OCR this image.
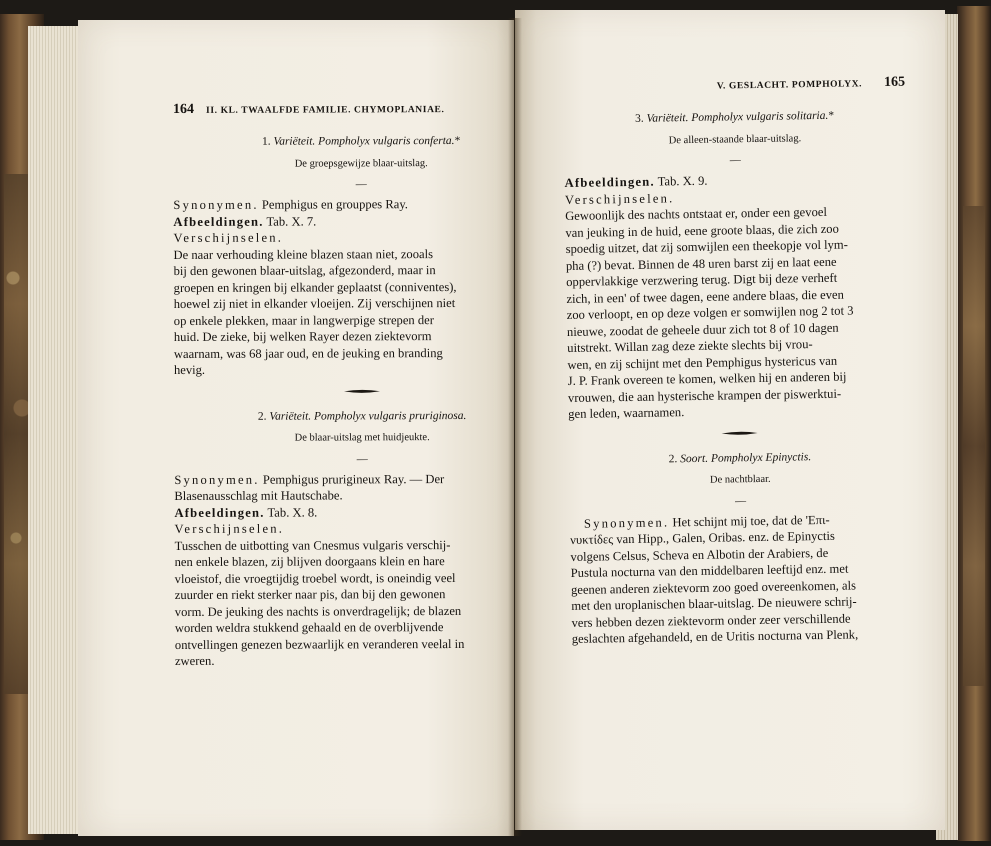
164 II. KL. TWAALFDE FAMILIE. CHYMOPLANIAE.

1. Variëteit. Pompholyx vulgaris conferta.*

De groepsgewijze blaar-uitslag.

—

Synonymen. Pemphigus en grouppes Ray.

Afbeeldingen. Tab. X. 7.

Verschijnselen.

De naar verhouding kleine blazen staan niet, zooals
bij den gewonen blaar-uitslag, afgezonderd, maar in
groepen en kringen bij elkander geplaatst (conniventes),
hoewel zij niet in elkander vloeijen. Zij verschijnen niet
op enkele plekken, maar in langwerpige strepen der
huid. De zieke, bij welken Rayer dezen ziektevorm
waarnam, was 68 jaar oud, en de jeuking en branding
hevig.

2. Variëteit. Pompholyx vulgaris pruriginosa.

De blaar-uitslag met huidjeukte.

—

Synonymen. Pemphigus prurigineux Ray. — Der
Blasenausschlag mit Hautschabe.

Afbeeldingen. Tab. X. 8.

Verschijnselen.

Tusschen de uitbotting van Cnesmus vulgaris verschij-
nen enkele blazen, zij blijven doorgaans klein en hare
vloeistof, die vroegtijdig troebel wordt, is oneindig veel
zuurder en riekt sterker naar pis, dan bij den gewonen
vorm. De jeuking des nachts is onverdragelijk; de blazen
worden weldra stukkend gehaald en de overblijvende
ontvellingen genezen bezwaarlijk en veranderen veelal in
zweren.

V. GESLACHT. POMPHOLYX. 165

3. Variëteit. Pompholyx vulgaris solitaria.*

De alleen-staande blaar-uitslag.

—

Afbeeldingen. Tab. X. 9.

Verschijnselen.

Gewoonlijk des nachts ontstaat er, onder een gevoel
van jeuking in de huid, eene groote blaas, die zich zoo
spoedig uitzet, dat zij somwijlen een theekopje vol lym-
pha (?) bevat. Binnen de 48 uren barst zij en laat eene
oppervlakkige verzwering terug. Digt bij deze verheft
zich, in een' of twee dagen, eene andere blaas, die even
zoo verloopt, en op deze volgen er somwijlen nog 2 tot 3
nieuwe, zoodat de geheele duur zich tot 8 of 10 dagen
uitstrekt. Willan zag deze ziekte slechts bij vrou-
wen, en zij schijnt met den Pemphigus hystericus van
J. P. Frank overeen te komen, welken hij en anderen bij
vrouwen, die aan hysterische krampen der piswerktui-
gen leden, waarnamen.

2. Soort. Pompholyx Epinyctis.

De nachtblaar.

—

Synonymen. Het schijnt mij toe, dat de 'Επι-
νυκτίδες van Hipp., Galen, Oribas. enz. de Epinyctis
volgens Celsus, Scheva en Albotin der Arabiers, de
Pustula nocturna van den middelbaren leeftijd enz. met
geenen anderen ziektevorm zoo goed overeenkomen, als
met den uroplanischen blaar-uitslag. De nieuwere schrij-
vers hebben dezen ziektevorm onder zeer verschillende
geslachten afgehandeld, en de Uritis nocturna van Plenk,
